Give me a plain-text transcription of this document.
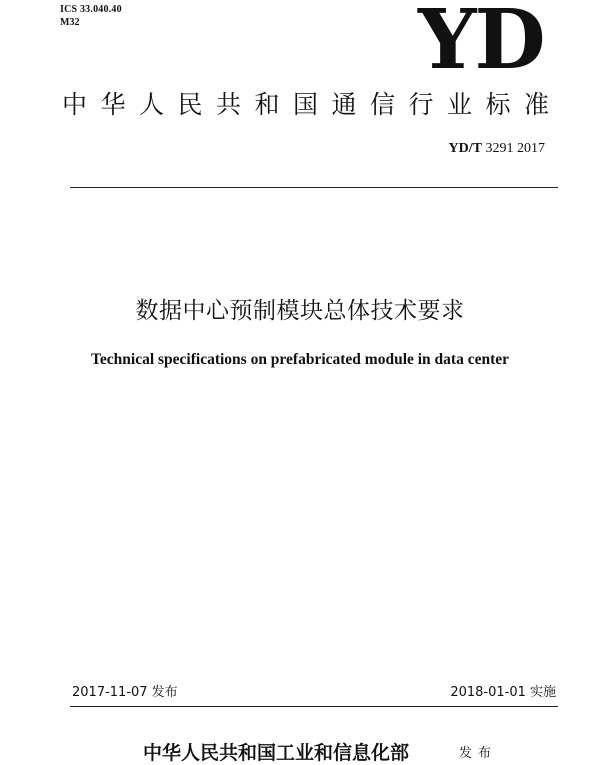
ICS 33.040.40
M32	YD
中华人民共和国通信行业标准
YD/T 3291 2017
数据中心预制模块总体技术要求
Technical specifications on prefabricated module in data center
2017-11-07 发布	2018-01-01 实施
中华人民共和国工业和信息化部	发布
